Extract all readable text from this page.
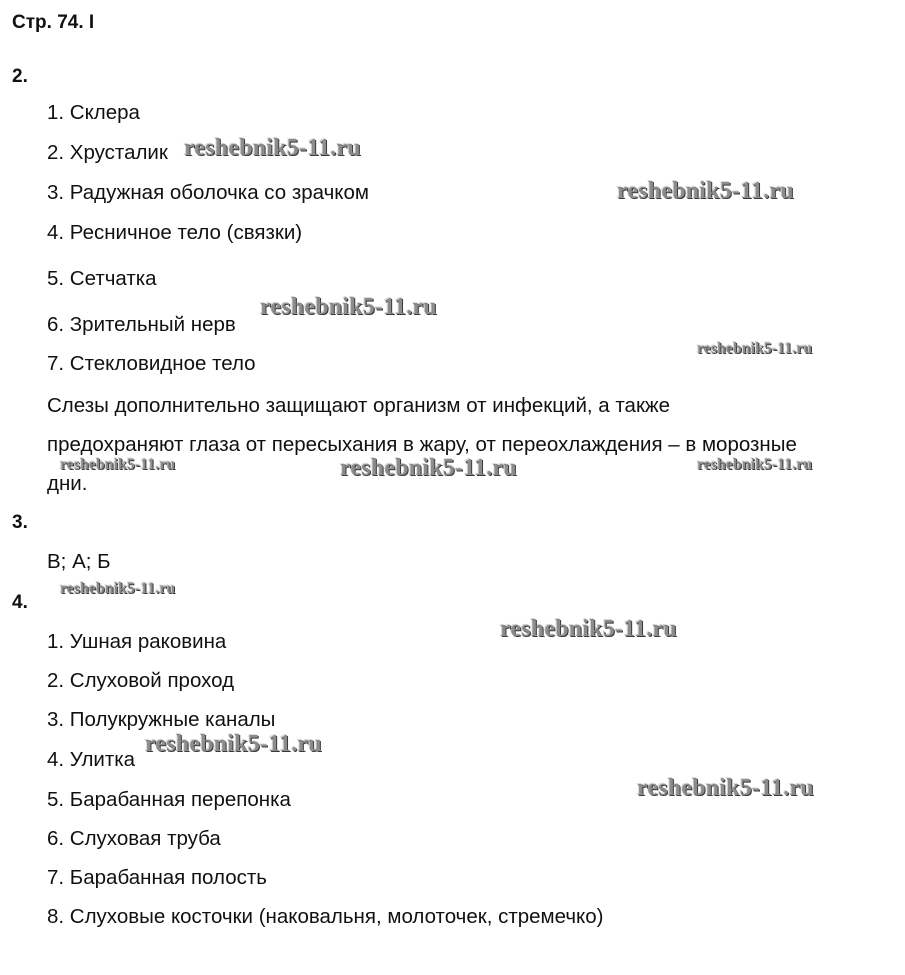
Стр. 74. I
2.
1. Склера
2. Хрусталик
3. Радужная оболочка со зрачком
4. Ресничное тело (связки)
5. Сетчатка
6. Зрительный нерв
7. Стекловидное тело
Слезы дополнительно защищают организм от инфекций, а также
предохраняют глаза от пересыхания в жару, от переохлаждения – в морозные
дни.
3.
В; А; Б
4.
1. Ушная раковина
2. Слуховой проход
3. Полукружные каналы
4. Улитка
5. Барабанная перепонка
6. Слуховая труба
7. Барабанная полость
8. Слуховые косточки (наковальня, молоточек, стремечко)
reshebnik5-11.ru
reshebnik5-11.ru
reshebnik5-11.ru
reshebnik5-11.ru
reshebnik5-11.ru	reshebnik5-11.ru	reshebnik5-11.ru
reshebnik5-11.ru
reshebnik5-11.ru
reshebnik5-11.ru
reshebnik5-11.ru
